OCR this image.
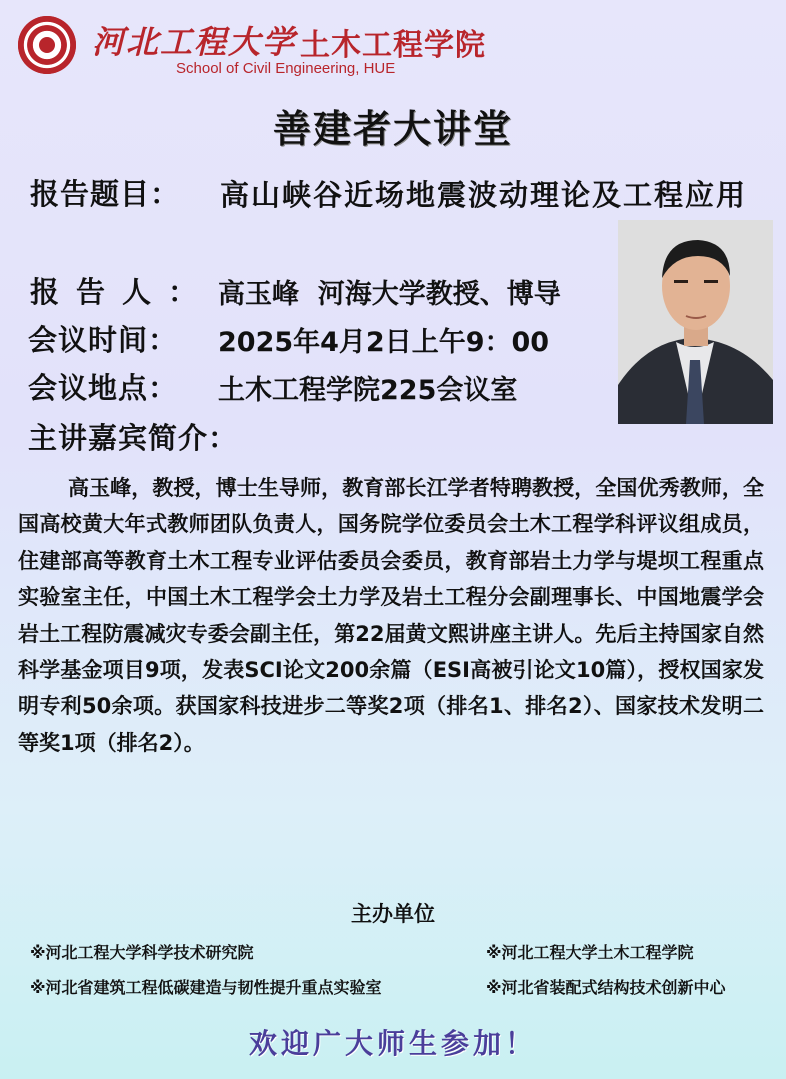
河北工程大学 土木工程学院
School of Civil Engineering, HUE
善建者大讲堂
报告题目： 高山峡谷近场地震波动理论及工程应用
报告人： 高玉峰  河海大学教授、博导
会议时间： 2025年4月2日上午9：00
会议地点： 土木工程学院225会议室
主讲嘉宾简介：
高玉峰，教授，博士生导师，教育部长江学者特聘教授，全国优秀教师，全国高校黄大年式教师团队负责人，国务院学位委员会土木工程学科评议组成员，住建部高等教育土木工程专业评估委员会委员，教育部岩土力学与堤坝工程重点实验室主任，中国土木工程学会土力学及岩土工程分会副理事长、中国地震学会岩土工程防震减灾专委会副主任，第22届黄文熙讲座主讲人。先后主持国家自然科学基金项目9项，发表SCI论文200余篇（ESI高被引论文10篇），授权国家发明专利50余项。获国家科技进步二等奖2项（排名1、排名2）、国家技术发明二等奖1项（排名2）。
主办单位
※河北工程大学科学技术研究院	※河北工程大学土木工程学院
※河北省建筑工程低碳建造与韧性提升重点实验室	※河北省装配式结构技术创新中心
欢迎广大师生参加！
